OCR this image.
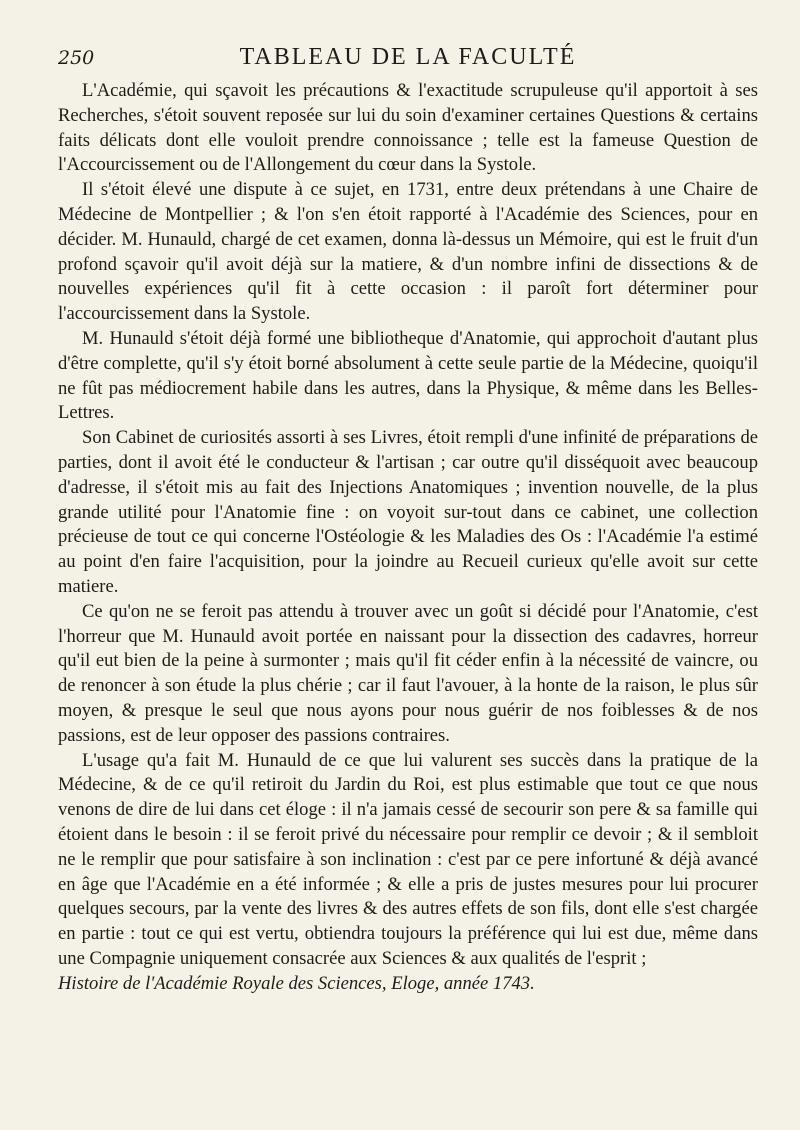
250	TABLEAU DE LA FACULTÉ

L'Académie, qui sçavoit les précautions & l'exactitude scrupuleuse qu'il apportoit à ses Recherches, s'étoit souvent reposée sur lui du soin d'examiner certaines Questions & certains faits délicats dont elle vouloit prendre connoissance ; telle est la fameuse Question de l'Accourcissement ou de l'Allongement du cœur dans la Systole.

Il s'étoit élevé une dispute à ce sujet, en 1731, entre deux prétendans à une Chaire de Médecine de Montpellier ; & l'on s'en étoit rapporté à l'Académie des Sciences, pour en décider. M. Hunauld, chargé de cet examen, donna là-dessus un Mémoire, qui est le fruit d'un profond sçavoir qu'il avoit déjà sur la matiere, & d'un nombre infini de dissections & de nouvelles expériences qu'il fit à cette occasion : il paroît fort déterminer pour l'accourcissement dans la Systole.

M. Hunauld s'étoit déjà formé une bibliotheque d'Anatomie, qui approchoit d'autant plus d'être complette, qu'il s'y étoit borné absolument à cette seule partie de la Médecine, quoiqu'il ne fût pas médiocrement habile dans les autres, dans la Physique, & même dans les Belles-Lettres.

Son Cabinet de curiosités assorti à ses Livres, étoit rempli d'une infinité de préparations de parties, dont il avoit été le conducteur & l'artisan ; car outre qu'il disséquoit avec beaucoup d'adresse, il s'étoit mis au fait des Injections Anatomiques ; invention nouvelle, de la plus grande utilité pour l'Anatomie fine : on voyoit sur-tout dans ce cabinet, une collection précieuse de tout ce qui concerne l'Ostéologie & les Maladies des Os : l'Académie l'a estimé au point d'en faire l'acquisition, pour la joindre au Recueil curieux qu'elle avoit sur cette matiere.

Ce qu'on ne se feroit pas attendu à trouver avec un goût si décidé pour l'Anatomie, c'est l'horreur que M. Hunauld avoit portée en naissant pour la dissection des cadavres, horreur qu'il eut bien de la peine à surmonter ; mais qu'il fit céder enfin à la nécessité de vaincre, ou de renoncer à son étude la plus chérie ; car il faut l'avouer, à la honte de la raison, le plus sûr moyen, & presque le seul que nous ayons pour nous guérir de nos foiblesses & de nos passions, est de leur opposer des passions contraires.

L'usage qu'a fait M. Hunauld de ce que lui valurent ses succès dans la pratique de la Médecine, & de ce qu'il retiroit du Jardin du Roi, est plus estimable que tout ce que nous venons de dire de lui dans cet éloge : il n'a jamais cessé de secourir son pere & sa famille qui étoient dans le besoin : il se feroit privé du nécessaire pour remplir ce devoir ; & il sembloit ne le remplir que pour satisfaire à son inclination : c'est par ce pere infortuné & déjà avancé en âge que l'Académie en a été informée ; & elle a pris de justes mesures pour lui procurer quelques secours, par la vente des livres & des autres effets de son fils, dont elle s'est chargée en partie : tout ce qui est vertu, obtiendra toujours la préférence qui lui est due, même dans une Compagnie uniquement consacrée aux Sciences & aux qualités de l'esprit ;

Histoire de l'Académie Royale des Sciences, Eloge, année 1743.
